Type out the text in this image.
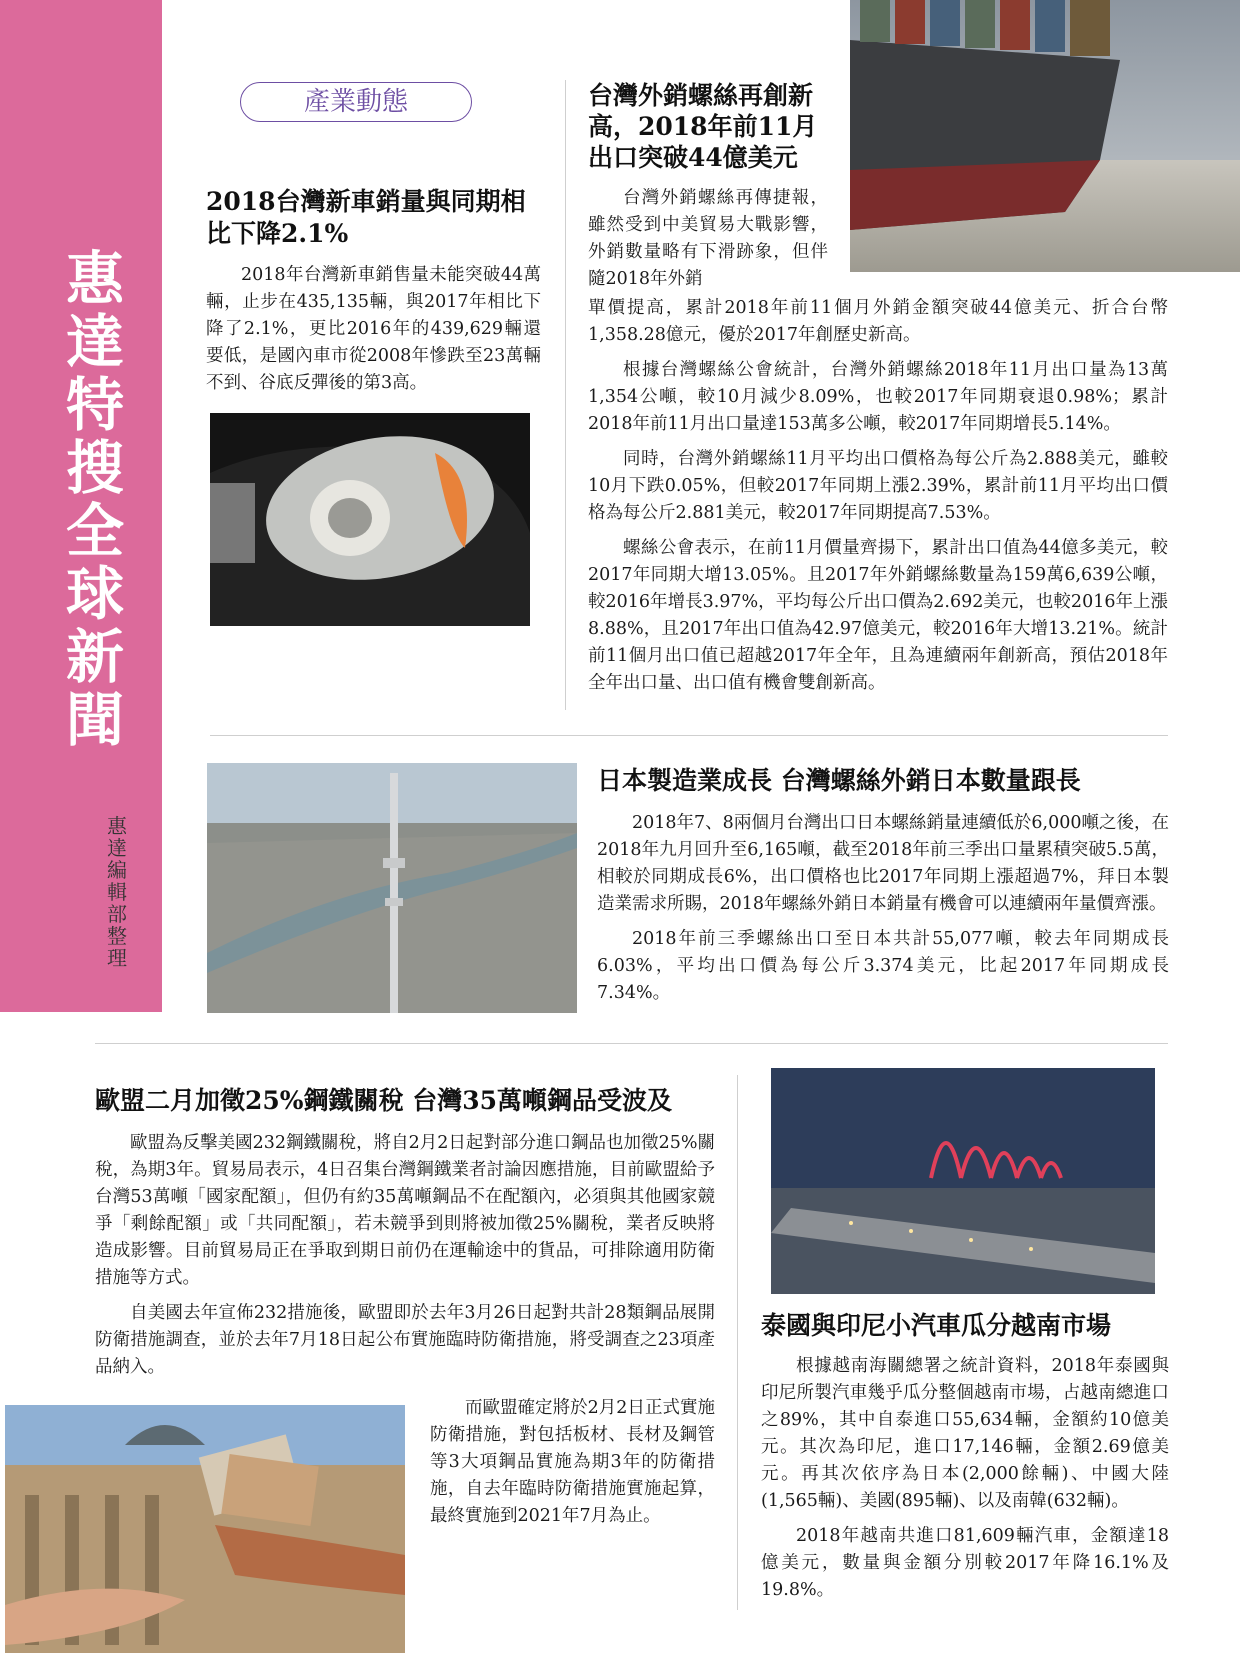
惠達特搜全球新聞
惠達編輯部 整理
產業動態
2018台灣新車銷量與同期相比下降2.1%

2018年台灣新車銷售量未能突破44萬輛，止步在435,135輛，與2017年相比下降了2.1%，更比2016年的439,629輛還要低，是國內車市從2008年慘跌至23萬輛不到、谷底反彈後的第3高。

台灣外銷螺絲再創新高，2018年前11月出口突破44億美元

台灣外銷螺絲再傳捷報，雖然受到中美貿易大戰影響，外銷數量略有下滑跡象，但伴隨2018年外銷

單價提高，累計2018年前11個月外銷金額突破44億美元、折合台幣1,358.28億元，優於2017年創歷史新高。

根據台灣螺絲公會統計，台灣外銷螺絲2018年11月出口量為13萬1,354公噸，較10月減少8.09%，也較2017年同期衰退0.98%；累計2018年前11月出口量達153萬多公噸，較2017年同期增長5.14%。

同時，台灣外銷螺絲11月平均出口價格為每公斤為2.888美元，雖較10月下跌0.05%，但較2017年同期上漲2.39%，累計前11月平均出口價格為每公斤2.881美元，較2017年同期提高7.53%。

螺絲公會表示，在前11月價量齊揚下，累計出口值為44億多美元，較2017年同期大增13.05%。且2017年外銷螺絲數量為159萬6,639公噸，較2016年增長3.97%，平均每公斤出口價為2.692美元，也較2016年上漲8.88%，且2017年出口值為42.97億美元，較2016年大增13.21%。統計前11個月出口值已超越2017年全年，且為連續兩年創新高，預估2018年全年出口量、出口值有機會雙創新高。

日本製造業成長 台灣螺絲外銷日本數量跟長

2018年7、8兩個月台灣出口日本螺絲銷量連續低於6,000噸之後，在2018年九月回升至6,165噸，截至2018年前三季出口量累積突破5.5萬，相較於同期成長6%，出口價格也比2017年同期上漲超過7%，拜日本製造業需求所賜，2018年螺絲外銷日本銷量有機會可以連續兩年量價齊漲。

2018年前三季螺絲出口至日本共計55,077噸，較去年同期成長6.03%，平均出口價為每公斤3.374美元，比起2017年同期成長7.34%。

歐盟二月加徵25%鋼鐵關稅 台灣35萬噸鋼品受波及

歐盟為反擊美國232鋼鐵關稅，將自2月2日起對部分進口鋼品也加徵25%關稅，為期3年。貿易局表示，4日召集台灣鋼鐵業者討論因應措施，目前歐盟給予台灣53萬噸「國家配額」，但仍有約35萬噸鋼品不在配額內，必須與其他國家競爭「剩餘配額」或「共同配額」，若未競爭到則將被加徵25%關稅，業者反映將造成影響。目前貿易局正在爭取到期日前仍在運輸途中的貨品，可排除適用防衛措施等方式。

自美國去年宣佈232措施後，歐盟即於去年3月26日起對共計28類鋼品展開防衛措施調查，並於去年7月18日起公布實施臨時防衛措施，將受調查之23項產品納入。

而歐盟確定將於2月2日正式實施防衛措施，對包括板材、長材及鋼管等3大項鋼品實施為期3年的防衛措施，自去年臨時防衛措施實施起算，最終實施到2021年7月為止。

泰國與印尼小汽車瓜分越南市場

根據越南海關總署之統計資料，2018年泰國與印尼所製汽車幾乎瓜分整個越南市場，占越南總進口之89%，其中自泰進口55,634輛，金額約10億美元。其次為印尼，進口17,146輛，金額2.69億美元。再其次依序為日本(2,000餘輛)、中國大陸(1,565輛)、美國(895輛)、以及南韓(632輛)。

2018年越南共進口81,609輛汽車，金額達18億美元，數量與金額分別較2017年降16.1%及19.8%。
